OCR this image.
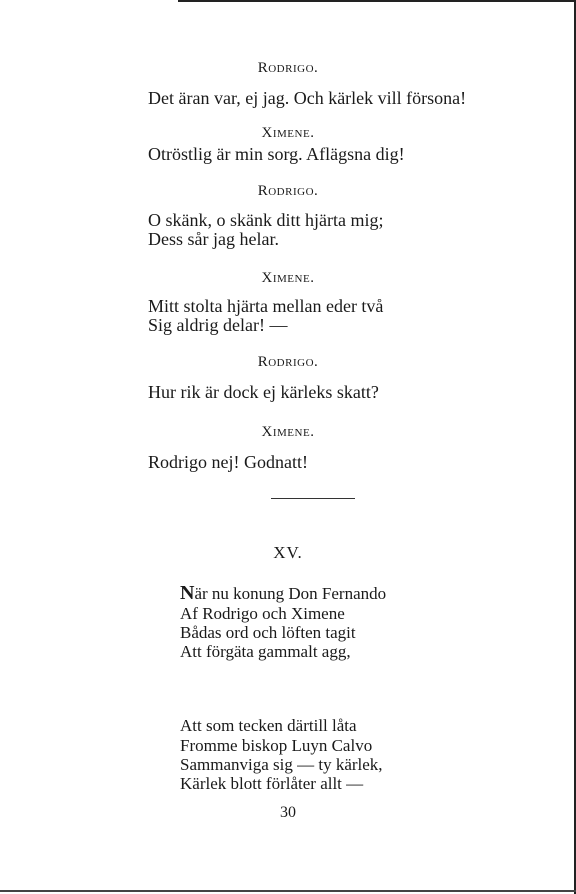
Rodrigo.
Det äran var, ej jag. Och kärlek vill försona!
Ximene.
Otröstlig är min sorg. Aflägsna dig!
Rodrigo.
O skänk, o skänk ditt hjärta mig;
Dess sår jag helar.
Ximene.
Mitt stolta hjärta mellan eder två
Sig aldrig delar! —
Rodrigo.
Hur rik är dock ej kärleks skatt?
Ximene.
Rodrigo nej! Godnatt!
XV.
När nu konung Don Fernando
Af Rodrigo och Ximene
Bådas ord och löften tagit
Att förgäta gammalt agg,
Att som tecken därtill låta
Fromme biskop Luyn Calvo
Sammanviga sig — ty kärlek,
Kärlek blott förlåter allt —
30
